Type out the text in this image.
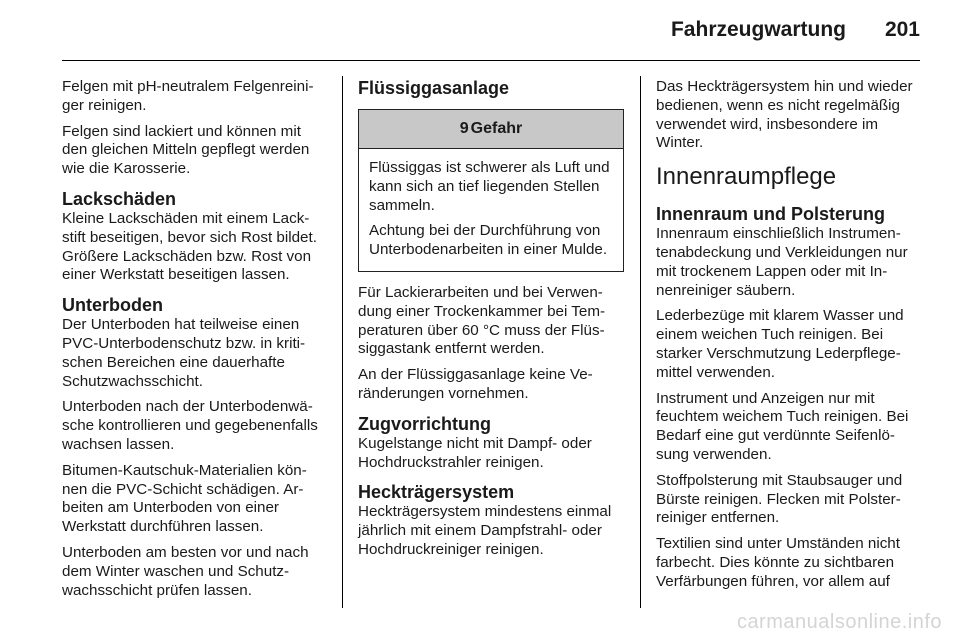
Fahrzeugwartung 201

Felgen mit pH-neutralem Felgenreiniger reinigen.

Felgen sind lackiert und können mit den gleichen Mitteln gepflegt werden wie die Karosserie.

Lackschäden

Kleine Lackschäden mit einem Lackstift beseitigen, bevor sich Rost bildet. Größere Lackschäden bzw. Rost von einer Werkstatt beseitigen lassen.

Unterboden

Der Unterboden hat teilweise einen PVC-Unterbodenschutz bzw. in kritischen Bereichen eine dauerhafte Schutzwachsschicht.

Unterboden nach der Unterbodenwäsche kontrollieren und gegebenenfalls wachsen lassen.

Bitumen-Kautschuk-Materialien können die PVC-Schicht schädigen. Arbeiten am Unterboden von einer Werkstatt durchführen lassen.

Unterboden am besten vor und nach dem Winter waschen und Schutzwachsschicht prüfen lassen.

Flüssiggasanlage
9 Gefahr

Flüssiggas ist schwerer als Luft und kann sich an tief liegenden Stellen sammeln.

Achtung bei der Durchführung von Unterbodenarbeiten in einer Mulde.

Für Lackierarbeiten und bei Verwendung einer Trockenkammer bei Temperaturen über 60 °C muss der Flüssiggastank entfernt werden.

An der Flüssiggasanlage keine Veränderungen vornehmen.

Zugvorrichtung

Kugelstange nicht mit Dampf- oder Hochdruckstrahler reinigen.

Heckträgersystem

Heckträgersystem mindestens einmal jährlich mit einem Dampfstrahl- oder Hochdruckreiniger reinigen.

Das Heckträgersystem hin und wieder bedienen, wenn es nicht regelmäßig verwendet wird, insbesondere im Winter.

Innenraumpflege
Innenraum und Polsterung

Innenraum einschließlich Instrumentenabdeckung und Verkleidungen nur mit trockenem Lappen oder mit Innenreiniger säubern.

Lederbezüge mit klarem Wasser und einem weichen Tuch reinigen. Bei starker Verschmutzung Lederpflegemittel verwenden.

Instrument und Anzeigen nur mit feuchtem weichem Tuch reinigen. Bei Bedarf eine gut verdünnte Seifenlösung verwenden.

Stoffpolsterung mit Staubsauger und Bürste reinigen. Flecken mit Polsterreiniger entfernen.

Textilien sind unter Umständen nicht farbecht. Dies könnte zu sichtbaren Verfärbungen führen, vor allem auf

carmanualsonline.info
